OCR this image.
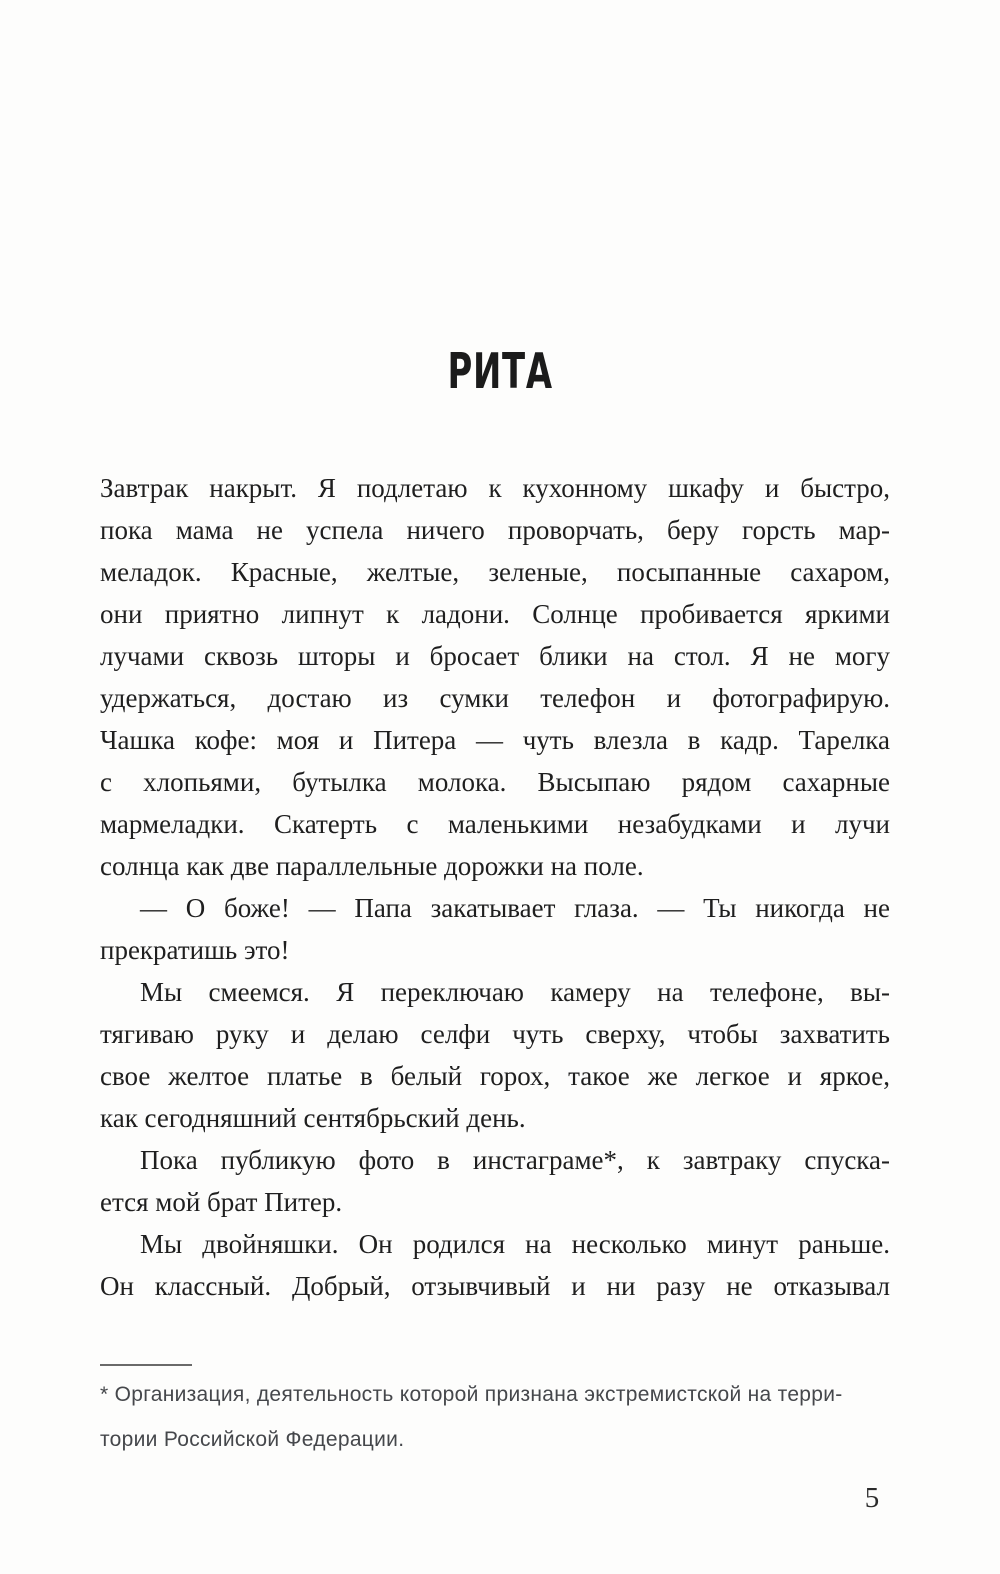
РИТА
Завтрак накрыт. Я подлетаю к кухонному шкафу и быстро,
пока мама не успела ничего проворчать, беру горсть мар-
меладок. Красные, желтые, зеленые, посыпанные сахаром,
они приятно липнут к ладони. Солнце пробивается яркими
лучами сквозь шторы и бросает блики на стол. Я не могу
удержаться, достаю из сумки телефон и фотографирую.
Чашка кофе: моя и Питера — чуть влезла в кадр. Тарелка
с хлопьями, бутылка молока. Высыпаю рядом сахарные
мармеладки. Скатерть с маленькими незабудками и лучи
солнца как две параллельные дорожки на поле.
— О боже! — Папа закатывает глаза. — Ты никогда не
прекратишь это!
Мы смеемся. Я переключаю камеру на телефоне, вы-
тягиваю руку и делаю селфи чуть сверху, чтобы захватить
свое желтое платье в белый горох, такое же легкое и яркое,
как сегодняшний сентябрьский день.
Пока публикую фото в инстаграме*, к завтраку спуска-
ется мой брат Питер.
Мы двойняшки. Он родился на несколько минут раньше.
Он классный. Добрый, отзывчивый и ни разу не отказывал
* Организация, деятельность которой признана экстремистской на терри-
тории Российской Федерации.
5
